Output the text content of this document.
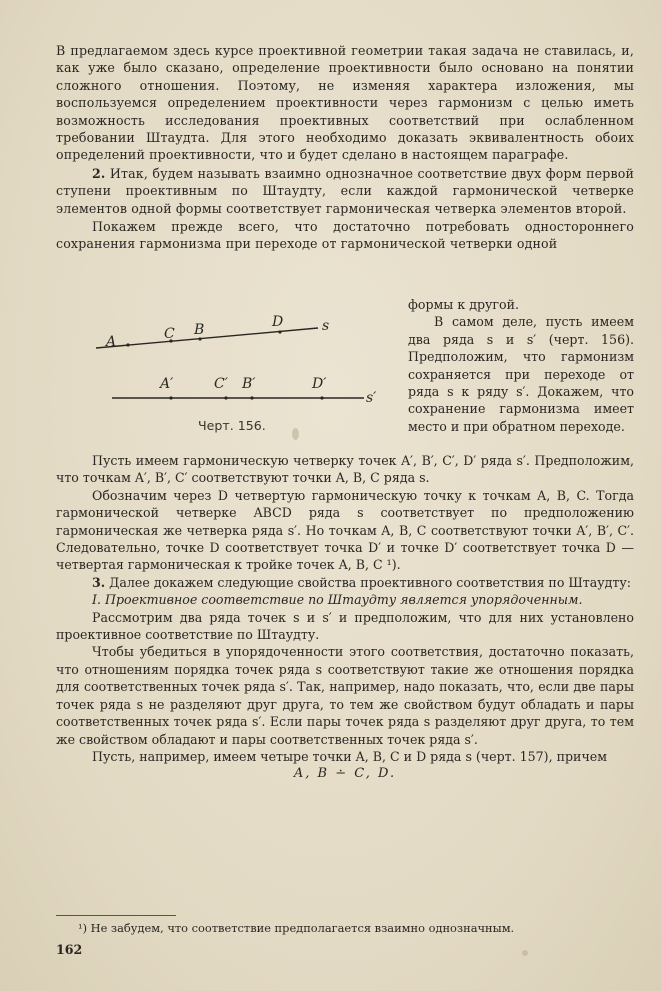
В предлагаемом здесь курсе проективной геометрии такая задача не ставилась, и, как уже было сказано, определение проективности было основано на понятии сложного отношения. Поэтому, не изменяя характера изложения, мы воспользуемся определением проективности через гармонизм с целью иметь возможность исследования проективных соответствий при ослабленном требовании Штаудта. Для этого необходимо доказать эквивалентность обоих определений проективности, что и будет сделано в настоящем параграфе.

2. Итак, будем называть взаимно однозначное соответствие двух форм первой ступени проективным по Штаудту, если каждой гармонической четверке элементов одной формы соответствует гармоническая четверка элементов второй.

Покажем прежде всего, что достаточно потребовать одностороннего сохранения гармонизма при переходе от гармонической четверки одной

A	C B	D	s
A′	C′ B′	D′
s′

формы к другой.

В самом деле, пусть имеем два ряда s и s′ (черт. 156). Предположим, что гармонизм сохраняется при переходе от ряда s к ряду s′. Докажем, что сохранение гармонизма имеет место и при обратном переходе.

Черт. 156.

Пусть имеем гармоническую четверку точек A′, B′, C′, D′ ряда s′. Предположим, что точкам A′, B′, C′ соответствуют точки A, B, C ряда s.

Обозначим через D четвертую гармоническую точку к точкам A, B, C. Тогда гармонической четверке ABCD ряда s соответствует по предположению гармоническая же четверка ряда s′. Но точкам A, B, C соответствуют точки A′, B′, C′. Следовательно, точке D соответствует точка D′ и точке D′ соответствует точка D — четвертая гармоническая к тройке точек A, B, C ¹).

3. Далее докажем следующие свойства проективного соответствия по Штаудту:

I. Проективное соответствие по Штаудту является упорядоченным.

Рассмотрим два ряда точек s и s′ и предположим, что для них установлено проективное соответствие по Штаудту.

Чтобы убедиться в упорядоченности этого соответствия, достаточно показать, что отношениям порядка точек ряда s соответствуют такие же отношения порядка для соответственных точек ряда s′. Так, например, надо показать, что, если две пары точек ряда s не разделяют друг друга, то тем же свойством будут обладать и пары соответственных точек ряда s′. Если пары точек ряда s разделяют друг друга, то тем же свойством обладают и пары соответственных точек ряда s′.

Пусть, например, имеем четыре точки A, B, C и D ряда s (черт. 157), причем

A, B ∸ C, D.

¹) Не забудем, что соответствие предполагается взаимно однозначным.
162
